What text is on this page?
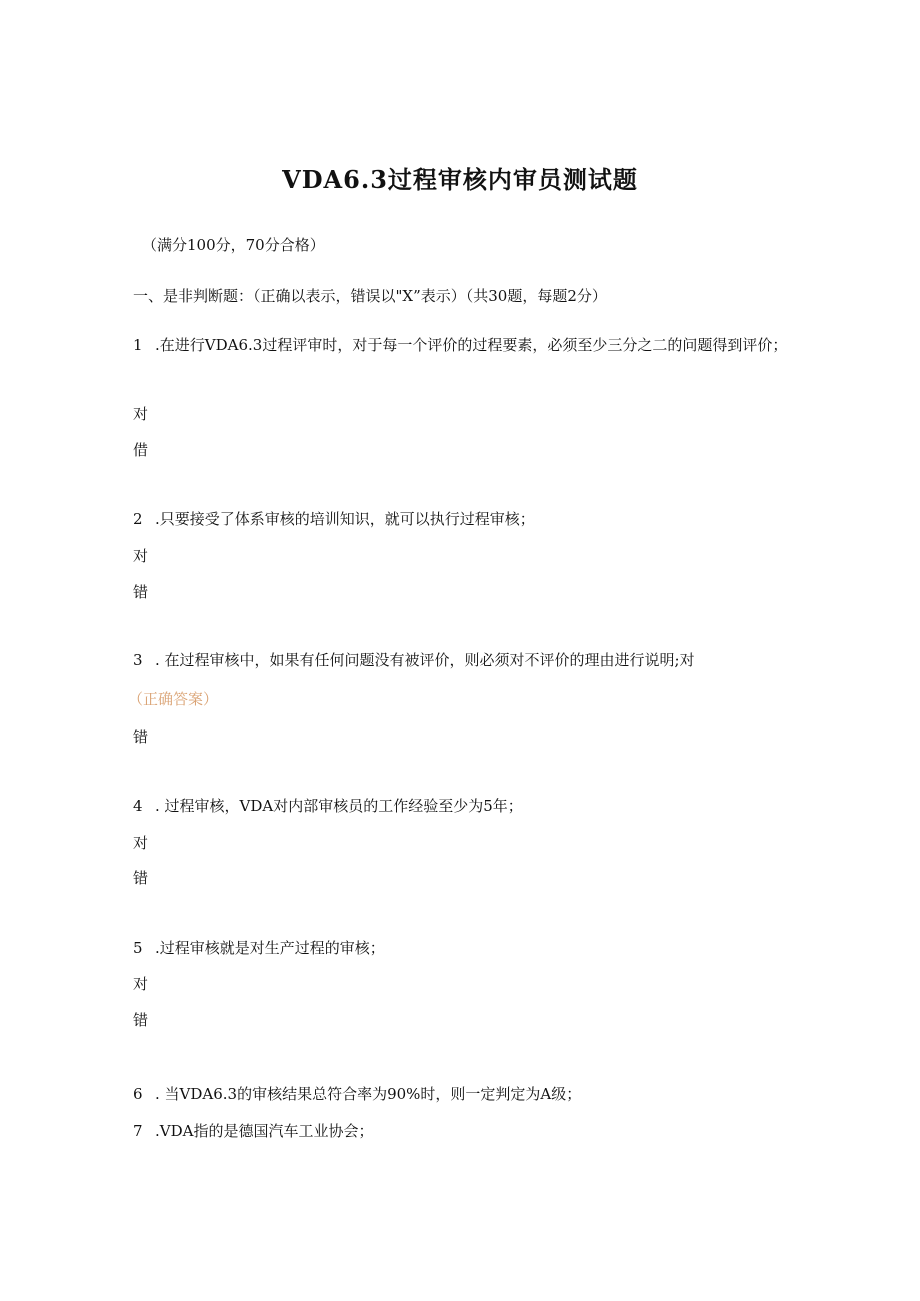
VDA6.3过程审核内审员测试题
（满分100分，70分合格）
一、是非判断题：（正确以表示，错误以"X”表示）（共30题，每题2分）
1 .在进行VDA6.3过程评审时，对于每一个评价的过程要素，必须至少三分之二的问题得到评价；
对
借
2 .只要接受了体系审核的培训知识，就可以执行过程审核；
对
错
3 . 在过程审核中，如果有任何问题没有被评价，则必须对不评价的理由进行说明;对
（正确答案）
错
4 . 过程审核，VDA对内部审核员的工作经验至少为5年；
对
错
5 .过程审核就是对生产过程的审核；
对
错
6 . 当VDA6.3的审核结果总符合率为90%时，则一定判定为A级；
7 .VDA指的是德国汽车工业协会；
